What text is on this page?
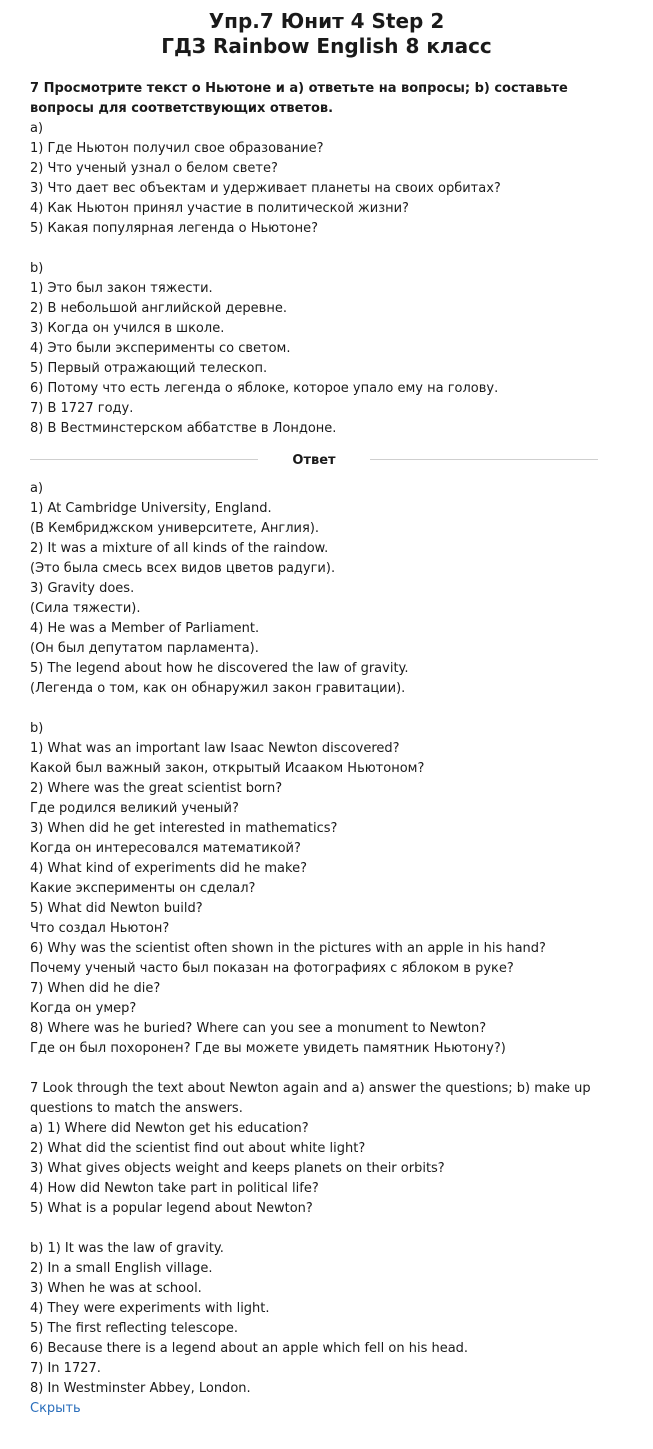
Упр.7 Юнит 4 Step 2
ГДЗ Rainbow English 8 класс
7 Просмотрите текст о Ньютоне и а) ответьте на вопросы; b) составьте вопросы для соответствующих ответов.
а)
1) Где Ньютон получил свое образование?
2) Что ученый узнал о белом свете?
3) Что дает вес объектам и удерживает планеты на своих орбитах?
4) Как Ньютон принял участие в политической жизни?
5) Какая популярная легенда о Ньютоне?
b)
1) Это был закон тяжести.
2) В небольшой английской деревне.
3) Когда он учился в школе.
4) Это были эксперименты со светом.
5) Первый отражающий телескоп.
6) Потому что есть легенда о яблоке, которое упало ему на голову.
7) В 1727 году.
8) В Вестминстерском аббатстве в Лондоне.
Ответ
а)
1) At Cambridge University, England.
(В Кембриджском университете, Англия).
2) It was a mixture of all kinds of the raindow.
(Это была смесь всех видов цветов радуги).
3) Gravity does.
(Сила тяжести).
4) He was a Member of Parliament.
(Он был депутатом парламента).
5) The legend about how he discovered the law of gravity.
(Легенда о том, как он обнаружил закон гравитации).
b)
1) What was an important law Isaac Newton discovered?
Какой был важный закон, открытый Исааком Ньютоном?
2) Where was the great scientist born?
Где родился великий ученый?
3) When did he get interested in mathematics?
Когда он интересовался математикой?
4) What kind of experiments did he make?
Какие эксперименты он сделал?
5) What did Newton build?
Что создал Ньютон?
6) Why was the scientist often shown in the pictures with an apple in his hand?
Почему ученый часто был показан на фотографиях с яблоком в руке?
7) When did he die?
Когда он умер?
8) Where was he buried? Where can you see a monument to Newton?
Где он был похоронен? Где вы можете увидеть памятник Ньютону?)
7 Look through the text about Newton again and a) answer the questions; b) make up questions to match the answers.
a) 1) Where did Newton get his education?
2) What did the scientist find out about white light?
3) What gives objects weight and keeps planets on their orbits?
4) How did Newton take part in political life?
5) What is a popular legend about Newton?
b) 1) It was the law of gravity.
2) In a small English village.
3) When he was at school.
4) They were experiments with light.
5) The first reflecting telescope.
6) Because there is a legend about an apple which fell on his head.
7) In 1727.
8) In Westminster Abbey, London.
Скрыть
